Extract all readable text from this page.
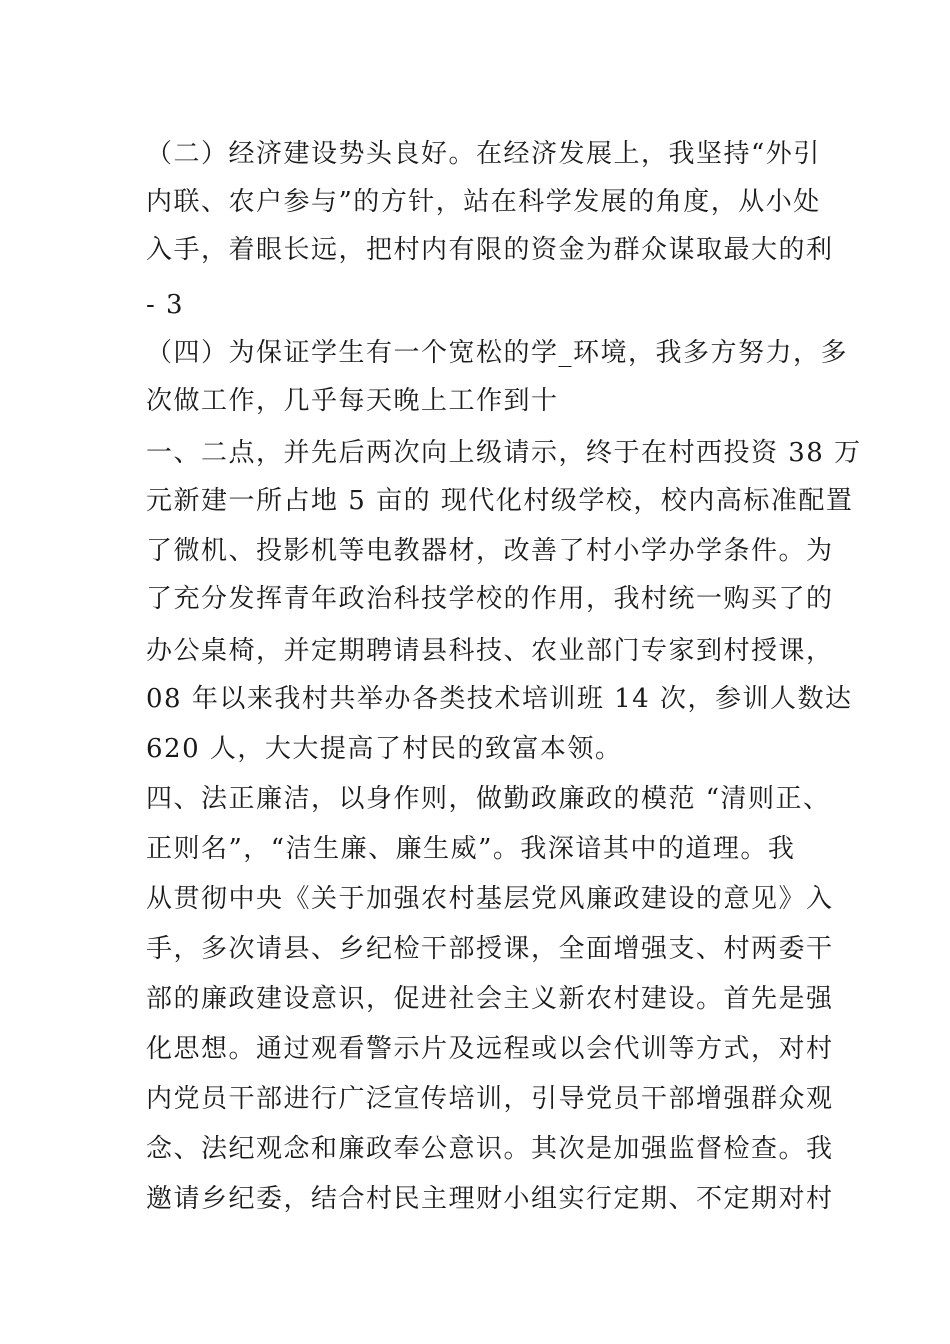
（二）经济建设势头良好。在经济发展上，我坚持“外引
内联、农户参与”的方针，站在科学发展的角度，从小处
入手，着眼长远，把村内有限的资金为群众谋取最大的利
- 3
（四）为保证学生有一个宽松的学_环境，我多方努力，多
次做工作，几乎每天晚上工作到十
一、二点，并先后两次向上级请示，终于在村西投资 38 万
元新建一所占地 5 亩的 现代化村级学校，校内高标准配置
了微机、投影机等电教器材，改善了村小学办学条件。为
了充分发挥青年政治科技学校的作用，我村统一购买了的
办公桌椅，并定期聘请县科技、农业部门专家到村授课，
08 年以来我村共举办各类技术培训班 14 次，参训人数达
620 人，大大提高了村民的致富本领。
四、法正廉洁，以身作则，做勤政廉政的模范 “清则正、
正则名”，“洁生廉、廉生威”。我深谙其中的道理。我
从贯彻中央《关于加强农村基层党风廉政建设的意见》入
手，多次请县、乡纪检干部授课，全面增强支、村两委干
部的廉政建设意识，促进社会主义新农村建设。首先是强
化思想。通过观看警示片及远程或以会代训等方式，对村
内党员干部进行广泛宣传培训，引导党员干部增强群众观
念、法纪观念和廉政奉公意识。其次是加强监督检查。我
邀请乡纪委，结合村民主理财小组实行定期、不定期对村
